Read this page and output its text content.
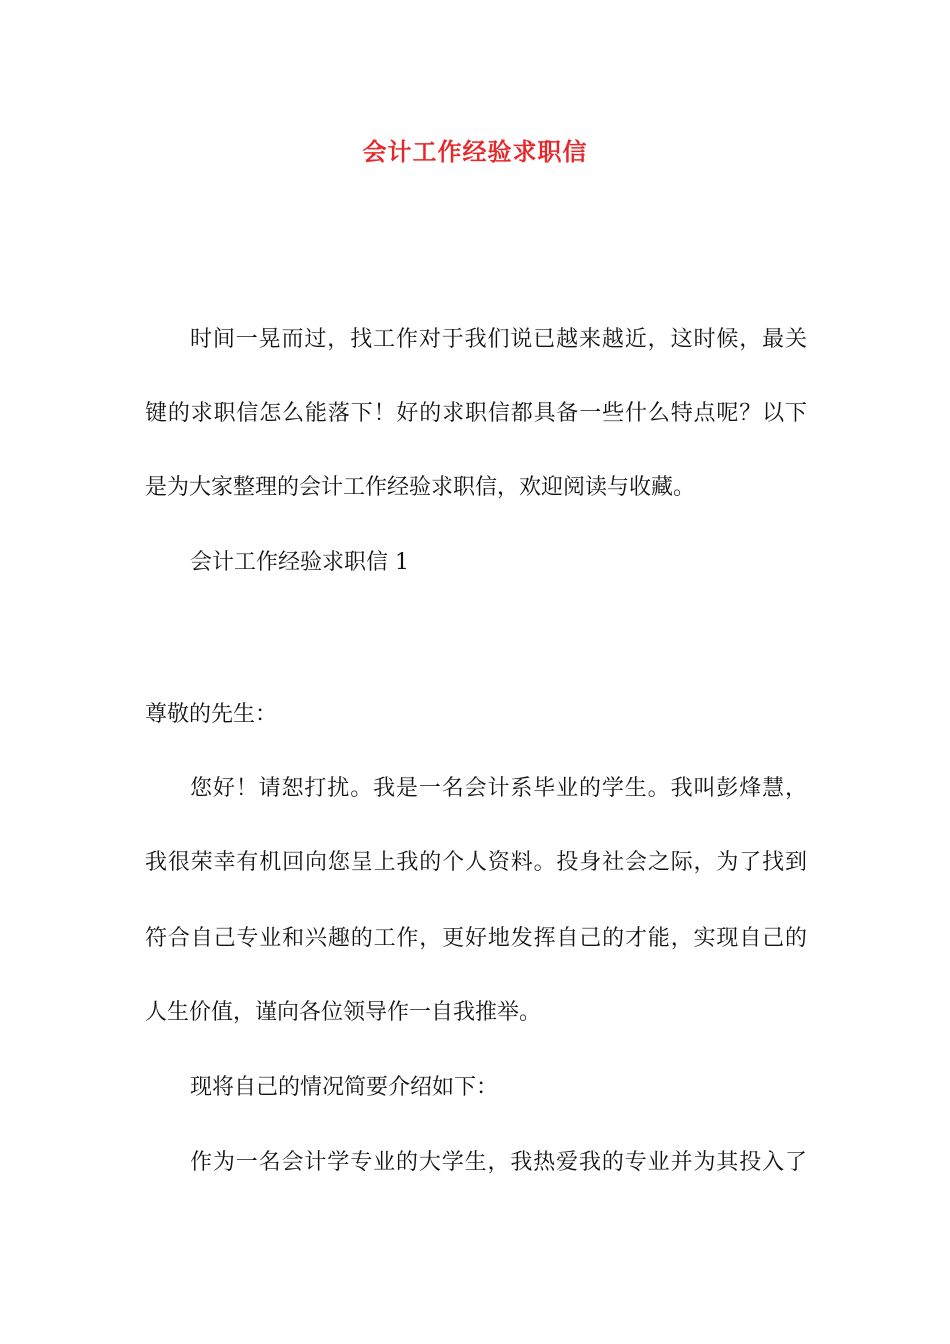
会计工作经验求职信
时间一晃而过，找工作对于我们说已越来越近，这时候，最关
键的求职信怎么能落下！好的求职信都具备一些什么特点呢？以下
是为大家整理的会计工作经验求职信，欢迎阅读与收藏。
会计工作经验求职信 1
尊敬的先生：
您好！请恕打扰。我是一名会计系毕业的学生。我叫彭烽慧，
我很荣幸有机回向您呈上我的个人资料。投身社会之际，为了找到
符合自己专业和兴趣的工作，更好地发挥自己的才能，实现自己的
人生价值，谨向各位领导作一自我推举。
现将自己的情况简要介绍如下：
作为一名会计学专业的大学生，我热爱我的专业并为其投入了
